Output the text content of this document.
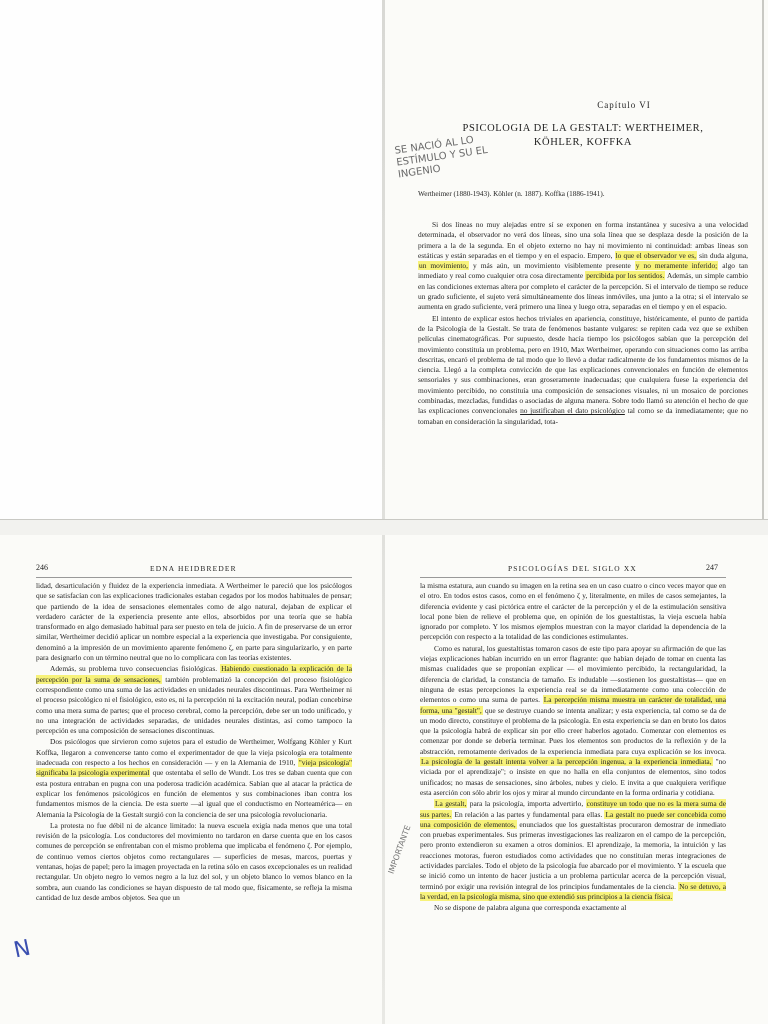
Capítulo VI
PSICOLOGIA DE LA GESTALT: WERTHEIMER,
KÖHLER, KOFFKA
SE NACIÓ AL LO ESTÍMULO Y SU EL INGENIO
Wertheimer (1880-1943). Köhler (n. 1887). Koffka (1886-1941).

Si dos líneas no muy alejadas entre sí se exponen en forma instantánea y sucesiva a una velocidad determinada, el observador no verá dos líneas, sino una sola línea que se desplaza desde la posición de la primera a la de la segunda. En el objeto externo no hay ni movimiento ni continuidad: ambas líneas son estáticas y están separadas en el tiempo y en el espacio. Empero, lo que el observador ve es, sin duda alguna, un movimiento, y más aún, un movimiento visiblemente presente y no meramente inferido; algo tan inmediato y real como cualquier otra cosa directamente percibida por los sentidos. Además, un simple cambio en las condiciones externas altera por completo el carácter de la percepción. Si el intervalo de tiempo se reduce un grado suficiente, el sujeto verá simultáneamente dos líneas inmóviles, una junto a la otra; si el intervalo se aumenta en grado suficiente, verá primero una línea y luego otra, separadas en el tiempo y en el espacio.

El intento de explicar estos hechos triviales en apariencia, constituye, históricamente, el punto de partida de la Psicología de la Gestalt. Se trata de fenómenos bastante vulgares: se repiten cada vez que se exhiben películas cinematográficas. Por supuesto, desde hacía tiempo los psicólogos sabían que la percepción del movimiento constituía un problema, pero en 1910, Max Wertheimer, operando con situaciones como las arriba descritas, encaró el problema de tal modo que lo llevó a dudar radicalmente de los fundamentos mismos de la ciencia. Llegó a la completa convicción de que las explicaciones convencionales en función de elementos sensoriales y sus combinaciones, eran groseramente inadecuadas; que cualquiera fuese la experiencia del movimiento percibido, no constituía una composición de sensaciones visuales, ni un mosaico de porciones combinadas, mezcladas, fundidas o asociadas de alguna manera. Sobre todo llamó su atención el hecho de que las explicaciones convencionales no justificaban el dato psicológico tal como se da inmediatamente; que no tomaban en consideración la singularidad, tota-

246	EDNA HEIDBREDER

lidad, desarticulación y fluidez de la experiencia inmediata. A Wertheimer le pareció que los psicólogos que se satisfacían con las explicaciones tradicionales estaban cegados por los modos habituales de pensar; que partiendo de la idea de sensaciones elementales como de algo natural, dejaban de explicar el verdadero carácter de la experiencia presente ante ellos, absorbidos por una teoría que se había transformado en algo demasiado habitual para ser puesto en tela de juicio. A fin de preservarse de un error similar, Wertheimer decidió aplicar un nombre especial a la experiencia que investigaba. Por consiguiente, denominó a la impresión de un movimiento aparente fenómeno ζ, en parte para singularizarlo, y en parte para designarlo con un término neutral que no lo complicara con las teorías existentes.

Además, su problema tuvo consecuencias fisiológicas. Habiendo cuestionado la explicación de la percepción por la suma de sensaciones, también problematizó la concepción del proceso fisiológico correspondiente como una suma de las actividades en unidades neurales discontinuas. Para Wertheimer ni el proceso psicológico ni el fisiológico, esto es, ni la percepción ni la excitación neural, podían concebirse como una mera suma de partes; que el proceso cerebral, como la percepción, debe ser un todo unificado, y no una integración de actividades separadas, de unidades neurales distintas, así como tampoco la percepción es una composición de sensaciones discontinuas.

Dos psicólogos que sirvieron como sujetos para el estudio de Wertheimer, Wolfgang Köhler y Kurt Koffka, llegaron a convencerse tanto como el experimentador de que la vieja psicología era totalmente inadecuada con respecto a los hechos en consideración — y en la Alemania de 1910, "vieja psicología" significaba la psicología experimental que ostentaba el sello de Wundt. Los tres se daban cuenta que con esta postura entraban en pugna con una poderosa tradición académica. Sabían que al atacar la práctica de explicar los fenómenos psicológicos en función de elementos y sus combinaciones iban contra los fundamentos mismos de la ciencia. De esta suerte —al igual que el conductismo en Norteamérica— en Alemania la Psicología de la Gestalt surgió con la conciencia de ser una psicología revolucionaria.

La protesta no fue débil ni de alcance limitado: la nueva escuela exigía nada menos que una total revisión de la psicología. Los conductores del movimiento no tardaron en darse cuenta que en los casos comunes de percepción se enfrentaban con el mismo problema que implicaba el fenómeno ζ. Por ejemplo, de continuo vemos ciertos objetos como rectangulares — superficies de mesas, marcos, puertas y ventanas, hojas de papel; pero la imagen proyectada en la retina sólo en casos excepcionales es un realidad rectangular. Un objeto negro lo vemos negro a la luz del sol, y un objeto blanco lo vemos blanco en la sombra, aun cuando las condiciones se hayan dispuesto de tal modo que, físicamente, se refleja la misma cantidad de luz desde ambos objetos. Sea que un

N
PSICOLOGÍAS DEL SIGLO XX	247

la misma estatura, aun cuando su imagen en la retina sea en un caso cuatro o cinco veces mayor que en el otro. En todos estos casos, como en el fenómeno ζ y, literalmente, en miles de casos semejantes, la diferencia evidente y casi pictórica entre el carácter de la percepción y el de la estimulación sensitiva local pone bien de relieve el problema que, en opinión de los guestaltistas, la vieja escuela había ignorado por completo. Y los mismos ejemplos muestran con la mayor claridad la dependencia de la percepción con respecto a la totalidad de las condiciones estimulantes.

Como es natural, los guestaltistas tomaron casos de este tipo para apoyar su afirmación de que las viejas explicaciones habían incurrido en un error flagrante: que habían dejado de tomar en cuenta las mismas cualidades que se proponían explicar — el movimiento percibido, la rectangularidad, la diferencia de claridad, la constancia de tamaño. Es indudable —sostienen los guestaltistas— que en ninguna de estas percepciones la experiencia real se da inmediatamente como una colección de elementos o como una suma de partes. La percepción misma muestra un carácter de totalidad, una forma, una "gestalt", que se destruye cuando se intenta analizar; y esta experiencia, tal como se da de un modo directo, constituye el problema de la psicología. En esta experiencia se dan en bruto los datos que la psicología habrá de explicar sin por ello creer haberlos agotado. Comenzar con elementos es comenzar por donde se debería terminar. Pues los elementos son productos de la reflexión y de la abstracción, remotamente derivados de la experiencia inmediata para cuya explicación se los invoca. La psicología de la gestalt intenta volver a la percepción ingenua, a la experiencia inmediata, "no viciada por el aprendizaje"; o insiste en que no halla en ella conjuntos de elementos, sino todos unificados; no masas de sensaciones, sino árboles, nubes y cielo. E invita a que cualquiera verifique esta aserción con sólo abrir los ojos y mirar al mundo circundante en la forma ordinaria y cotidiana.

La gestalt, para la psicología, importa advertirlo, constituye un todo que no es la mera suma de sus partes. En relación a las partes y fundamental para ellas. La gestalt no puede ser concebida como una composición de elementos, enunciados que los guestaltistas procuraron demostrar de inmediato con pruebas experimentales. Sus primeras investigaciones las realizaron en el campo de la percepción, pero pronto extendieron su examen a otros dominios. El aprendizaje, la memoria, la intuición y las reacciones motoras, fueron estudiados como actividades que no constituían meras integraciones de actividades parciales. Todo el objeto de la psicología fue abarcado por el movimiento. Y la escuela que se inició como un intento de hacer justicia a un problema particular acerca de la percepción visual, terminó por exigir una revisión integral de los principios fundamentales de la ciencia. No se detuvo, a la verdad, en la psicología misma, sino que extendió sus principios a la ciencia física.

No se dispone de palabra alguna que corresponda exactamente al

IMPORTANTE
